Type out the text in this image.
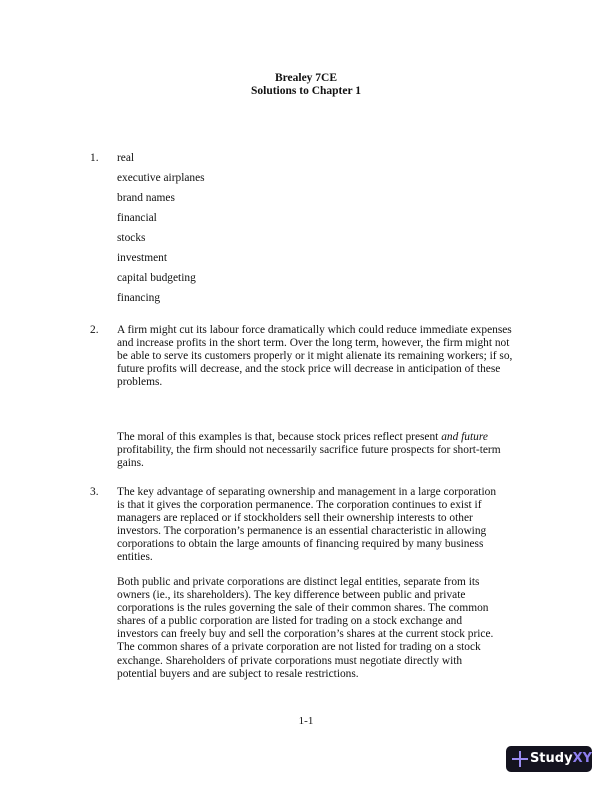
Brealey 7CE
Solutions to Chapter 1
1. real
executive airplanes
brand names
financial
stocks
investment
capital budgeting
financing
2. A firm might cut its labour force dramatically which could reduce immediate expenses
and increase profits in the short term. Over the long term, however, the firm might not
be able to serve its customers properly or it might alienate its remaining workers; if so,
future profits will decrease, and the stock price will decrease in anticipation of these
problems.
The moral of this examples is that, because stock prices reflect present and future
profitability, the firm should not necessarily sacrifice future prospects for short-term
gains.
3. The key advantage of separating ownership and management in a large corporation
is that it gives the corporation permanence. The corporation continues to exist if
managers are replaced or if stockholders sell their ownership interests to other
investors. The corporation’s permanence is an essential characteristic in allowing
corporations to obtain the large amounts of financing required by many business
entities.
Both public and private corporations are distinct legal entities, separate from its
owners (ie., its shareholders). The key difference between public and private
corporations is the rules governing the sale of their common shares. The common
shares of a public corporation are listed for trading on a stock exchange and
investors can freely buy and sell the corporation’s shares at the current stock price.
The common shares of a private corporation are not listed for trading on a stock
exchange. Shareholders of private corporations must negotiate directly with
potential buyers and are subject to resale restrictions.
1-1
Study XY
